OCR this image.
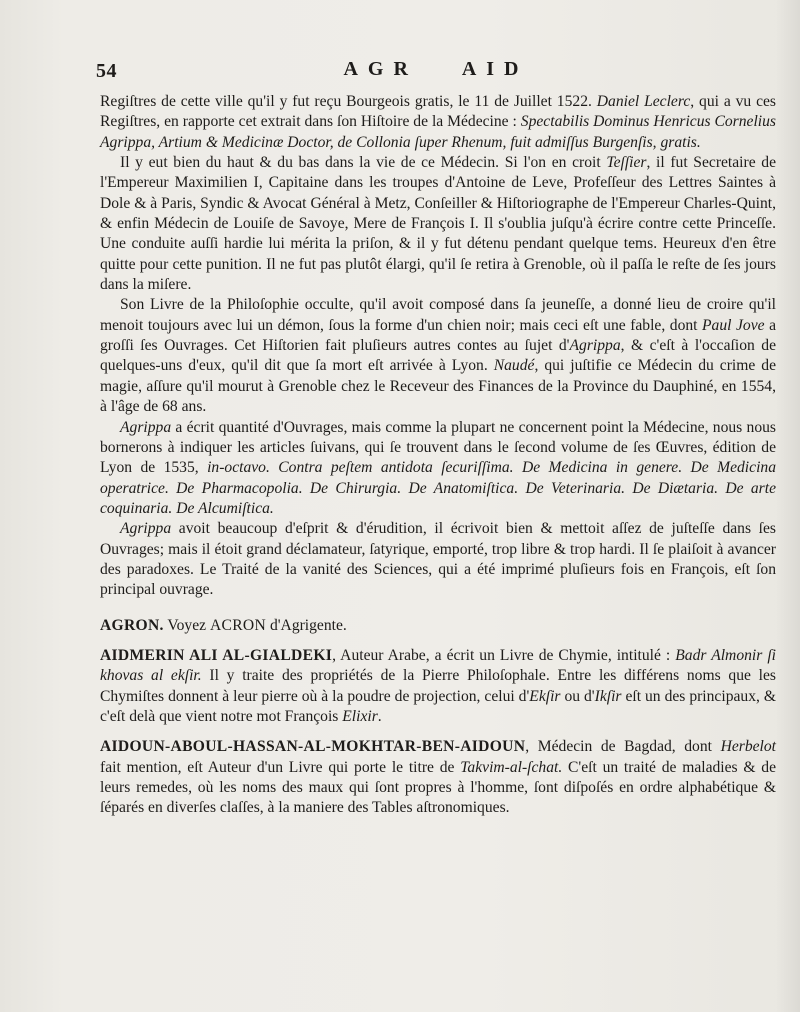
54	AGR   AID

Regiſtres de cette ville qu'il y fut reçu Bourgeois gratis, le 11 de Juillet 1522. Daniel Leclerc, qui a vu ces Regiſtres, en rapporte cet extrait dans ſon Hiſtoire de la Médecine : Spectabilis Dominus Henricus Cornelius Agrippa, Artium & Medicinæ Doctor, de Collonia ſuper Rhenum, fuit admiſſus Burgenſis, gratis.

Il y eut bien du haut & du bas dans la vie de ce Médecin. Si l'on en croit Teſſier, il fut Secretaire de l'Empereur Maximilien I, Capitaine dans les troupes d'Antoine de Leve, Profeſſeur des Lettres Saintes à Dole & à Paris, Syndic & Avocat Général à Metz, Conſeiller & Hiſtoriographe de l'Empereur Charles-Quint, & enfin Médecin de Louiſe de Savoye, Mere de François I. Il s'oublia juſqu'à écrire contre cette Princeſſe. Une conduite auſſi hardie lui mérita la priſon, & il y fut détenu pendant quelque tems. Heureux d'en être quitte pour cette punition. Il ne fut pas plutôt élargi, qu'il ſe retira à Grenoble, où il paſſa le reſte de ſes jours dans la miſere.

Son Livre de la Philoſophie occulte, qu'il avoit composé dans ſa jeuneſſe, a donné lieu de croire qu'il menoit toujours avec lui un démon, ſous la forme d'un chien noir; mais ceci eſt une fable, dont Paul Jove a groſſi ſes Ouvrages. Cet Hiſtorien fait pluſieurs autres contes au ſujet d'Agrippa, & c'eſt à l'occaſion de quelques-uns d'eux, qu'il dit que ſa mort eſt arrivée à Lyon. Naudé, qui juſtifie ce Médecin du crime de magie, aſſure qu'il mourut à Grenoble chez le Receveur des Finances de la Province du Dauphiné, en 1554, à l'âge de 68 ans.

Agrippa a écrit quantité d'Ouvrages, mais comme la plupart ne concernent point la Médecine, nous nous bornerons à indiquer les articles ſuivans, qui ſe trouvent dans le ſecond volume de ſes Œuvres, édition de Lyon de 1535, in-octavo. Contra peſtem antidota ſecuriſſima. De Medicina in genere. De Medicina operatrice. De Pharmacopolia. De Chirurgia. De Anatomiſtica. De Veterinaria. De Diætaria. De arte coquinaria. De Alcumiſtica.

Agrippa avoit beaucoup d'eſprit & d'érudition, il écrivoit bien & mettoit aſſez de juſteſſe dans ſes Ouvrages; mais il étoit grand déclamateur, ſatyrique, emporté, trop libre & trop hardi. Il ſe plaiſoit à avancer des paradoxes. Le Traité de la vanité des Sciences, qui a été imprimé pluſieurs fois en François, eſt ſon principal ouvrage.

AGRON. Voyez ACRON d'Agrigente.

AIDMERIN ALI AL-GIALDEKI, Auteur Arabe, a écrit un Livre de Chymie, intitulé : Badr Almonir ſi khovas al ekſir. Il y traite des propriétés de la Pierre Philoſophale. Entre les différens noms que les Chymiſtes donnent à leur pierre où à la poudre de projection, celui d'Ekſir ou d'Ikſir eſt un des principaux, & c'eſt delà que vient notre mot François Elixir.

AIDOUN-ABOUL-HASSAN-AL-MOKHTAR-BEN-AIDOUN, Médecin de Bagdad, dont Herbelot fait mention, eſt Auteur d'un Livre qui porte le titre de Takvim-al-ſchat. C'eſt un traité de maladies & de leurs remedes, où les noms des maux qui ſont propres à l'homme, ſont diſpoſés en ordre alphabétique & ſéparés en diverſes claſſes, à la maniere des Tables aſtronomiques.
